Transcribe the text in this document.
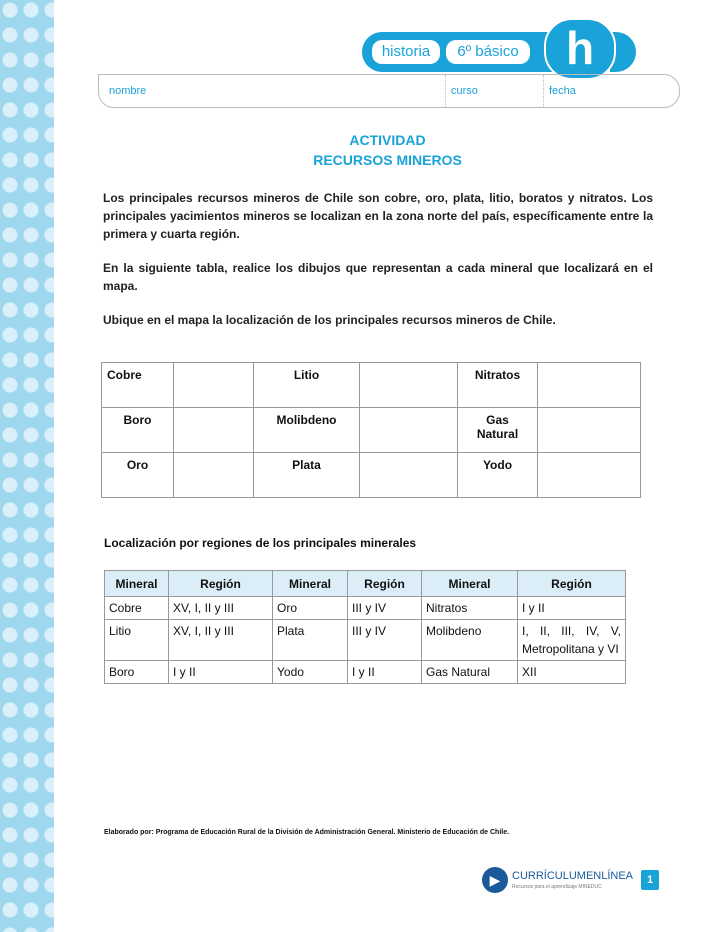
historia	6º básico	h
nombre	curso	fecha
ACTIVIDAD
RECURSOS MINEROS

Los principales recursos mineros de Chile son cobre, oro, plata, litio, boratos y nitratos. Los principales yacimientos mineros se localizan en la zona norte del país, específicamente entre la primera y cuarta región.

En la siguiente tabla, realice los dibujos que representan a cada mineral que localizará en el mapa.

Ubique en el mapa la localización de los principales recursos mineros de Chile.

Cobre		Litio		Nitratos	
Boro		Molibdeno		Gas Natural	
Oro		Plata		Yodo	
Localización por regiones de los principales minerales
Mineral	Región	Mineral	Región	Mineral	Región
Cobre	XV, I, II y III	Oro	III y IV	Nitratos	I y II
Litio	XV, I, II y III	Plata	III y IV	Molibdeno	I, II, III, IV, V, Metropolitana y VI
Boro	I y II	Yodo	I y II	Gas Natural	XII
Elaborado por: Programa de Educación Rural de la División de Administración General. Ministerio de Educación de Chile.
▶	CURRÍCULUMENLÍNEA
Recursos para el aprendizaje MINEDUC
1
